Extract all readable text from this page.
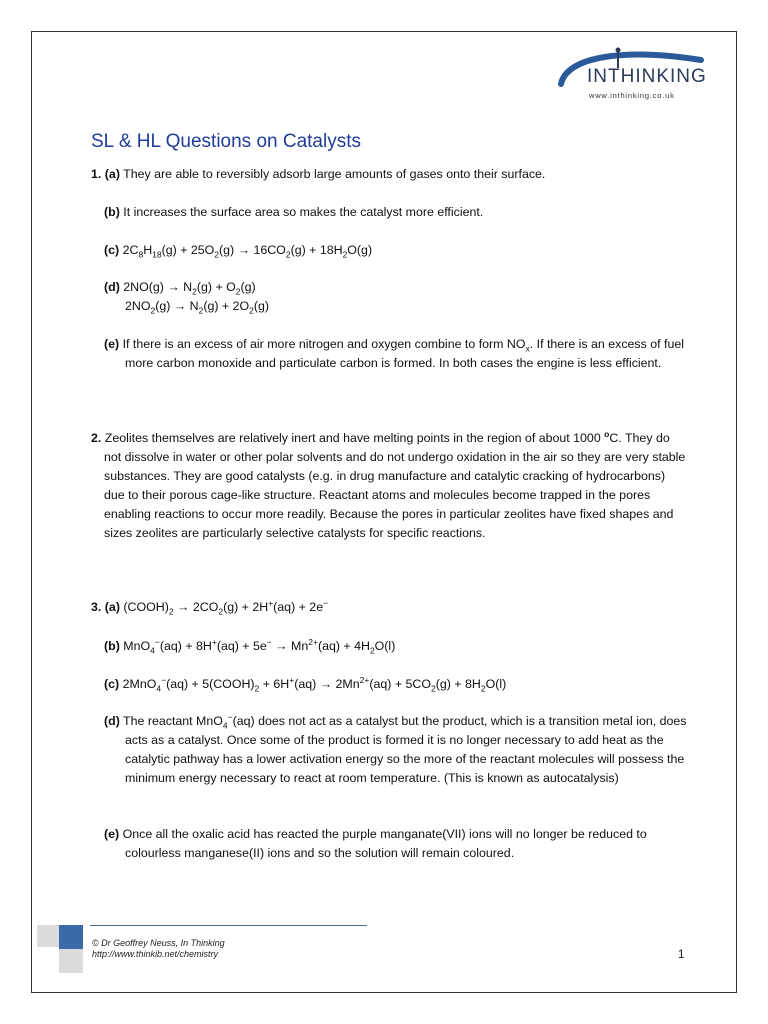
INTHINKING
www.inthinking.co.uk
SL & HL Questions on Catalysts
1. (a) They are able to reversibly adsorb large amounts of gases onto their surface.
(b) It increases the surface area so makes the catalyst more efficient.
(c) $2C_8H_{18}(g) + 25O_2(g) \to 16CO_2(g) + 18H_2O(g)$
(d) $2NO(g) \to N_2(g) + O_2(g)$
$2NO_2(g) \to N_2(g) + 2O_2(g)$
(e) If there is an excess of air more nitrogen and oxygen combine to form $NO_x$. If there is an excess of fuel more carbon monoxide and particulate carbon is formed. In both cases the engine is less efficient.
2. Zeolites themselves are relatively inert and have melting points in the region of about 1000 $^o$C. They do not dissolve in water or other polar solvents and do not undergo oxidation in the air so they are very stable substances. They are good catalysts (e.g. in drug manufacture and catalytic cracking of hydrocarbons) due to their porous cage-like structure. Reactant atoms and molecules become trapped in the pores enabling reactions to occur more readily. Because the pores in particular zeolites have fixed shapes and sizes zeolites are particularly selective catalysts for specific reactions.
3. (a) $(COOH)_2 \to 2CO_2(g) + 2H^+(aq) + 2e^-$
(b) $MnO_4^-(aq) + 8H^+(aq) + 5e^- \to Mn^{2+}(aq) + 4H_2O(l)$
(c) $2MnO_4^-(aq) + 5(COOH)_2 + 6H^+(aq) \to 2Mn^{2+}(aq) + 5CO_2(g) + 8H_2O(l)$
(d) The reactant MnO$_4$−(aq) does not act as a catalyst but the product, which is a transition metal ion, does acts as a catalyst. Once some of the product is formed it is no longer necessary to add heat as the catalytic pathway has a lower activation energy so the more of the reactant molecules will possess the minimum energy necessary to react at room temperature. (This is known as autocatalysis)
(e) Once all the oxalic acid has reacted the purple manganate(VII) ions will no longer be reduced to colourless manganese(II) ions and so the solution will remain coloured.
© Dr Geoffrey Neuss, In Thinking
http://www.thinkib.net/chemistry	1
